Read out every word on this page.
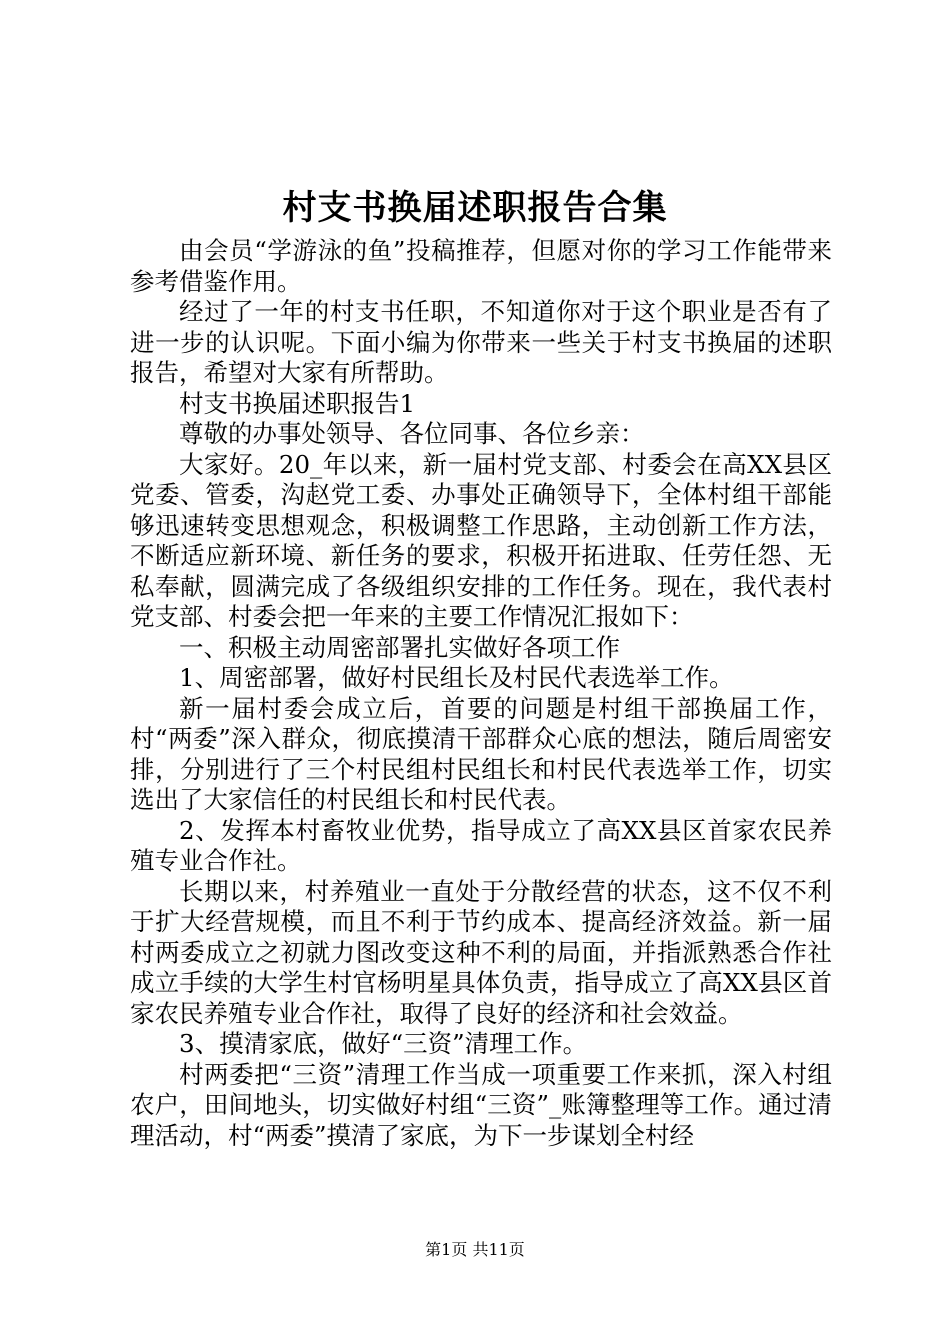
村支书换届述职报告合集

由会员“学游泳的鱼”投稿推荐，但愿对你的学习工作能带来参考借鉴作用。

经过了一年的村支书任职，不知道你对于这个职业是否有了进一步的认识呢。下面小编为你带来一些关于村支书换届的述职报告，希望对大家有所帮助。

村支书换届述职报告1

尊敬的办事处领导、各位同事、各位乡亲：

大家好。20_年以来，新一届村党支部、村委会在高XX县区党委、管委，沟赵党工委、办事处正确领导下，全体村组干部能够迅速转变思想观念，积极调整工作思路，主动创新工作方法，不断适应新环境、新任务的要求，积极开拓进取、任劳任怨、无私奉献，圆满完成了各级组织安排的工作任务。现在，我代表村党支部、村委会把一年来的主要工作情况汇报如下：

一、积极主动周密部署扎实做好各项工作

1、周密部署，做好村民组长及村民代表选举工作。

新一届村委会成立后，首要的问题是村组干部换届工作，村“两委”深入群众，彻底摸清干部群众心底的想法，随后周密安排，分别进行了三个村民组村民组长和村民代表选举工作，切实选出了大家信任的村民组长和村民代表。

2、发挥本村畜牧业优势，指导成立了高XX县区首家农民养殖专业合作社。

长期以来，村养殖业一直处于分散经营的状态，这不仅不利于扩大经营规模，而且不利于节约成本、提高经济效益。新一届村两委成立之初就力图改变这种不利的局面，并指派熟悉合作社成立手续的大学生村官杨明星具体负责，指导成立了高XX县区首家农民养殖专业合作社，取得了良好的经济和社会效益。

3、摸清家底，做好“三资”清理工作。

村两委把“三资”清理工作当成一项重要工作来抓，深入村组农户，田间地头，切实做好村组“三资”_账簿整理等工作。通过清理活动，村“两委”摸清了家底，为下一步谋划全村经

第1页 共11页
